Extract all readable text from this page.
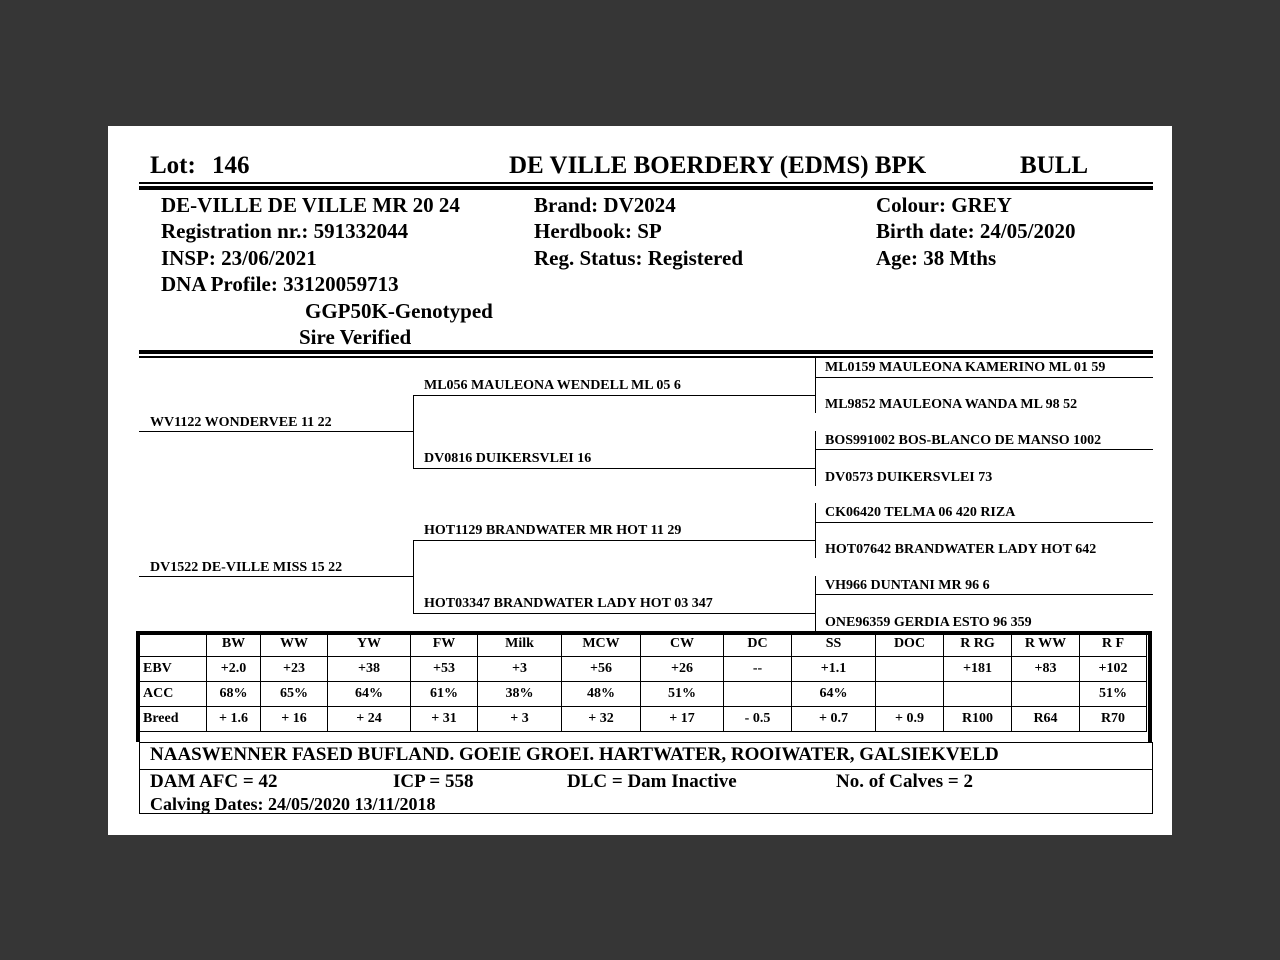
Lot: 146	DE VILLE BOERDERY (EDMS) BPK	BULL
DE-VILLE DE VILLE MR 20 24
Registration nr.: 591332044
INSP: 23/06/2021
DNA Profile: 33120059713
GGP50K-Genotyped
Sire Verified
Brand: DV2024
Herdbook: SP
Reg. Status: Registered
Colour: GREY
Birth date: 24/05/2020
Age: 38 Mths
WV1122 WONDERVEE 11 22
DV1522 DE-VILLE MISS 15 22
ML056 MAULEONA WENDELL ML 05 6
DV0816 DUIKERSVLEI 16
HOT1129 BRANDWATER MR HOT 11 29
HOT03347 BRANDWATER LADY HOT 03 347
ML0159 MAULEONA KAMERINO ML 01 59
ML9852 MAULEONA WANDA ML 98 52
BOS991002 BOS-BLANCO DE MANSO 1002
DV0573 DUIKERSVLEI 73
CK06420 TELMA 06 420 RIZA
HOT07642 BRANDWATER LADY HOT 642
VH966 DUNTANI MR 96 6
ONE96359 GERDIA ESTO 96 359
	BW	WW	YW	FW	Milk	MCW	CW	DC	SS	DOC	R RG	R WW	R F
EBV	+2.0	+23	+38	+53	+3	+56	+26	--	+1.1		+181	+83	+102
ACC	68%	65%	64%	61%	38%	48%	51%		64%				51%
Breed	+ 1.6	+ 16	+ 24	+ 31	+ 3	+ 32	+ 17	- 0.5	+ 0.7	+ 0.9	R100	R64	R70
NAASWENNER FASED BUFLAND. GOEIE GROEI. HARTWATER, ROOIWATER, GALSIEKVELD
DAM AFC = 42	ICP = 558	DLC = Dam Inactive	No. of Calves = 2
Calving Dates: 24/05/2020 13/11/2018
